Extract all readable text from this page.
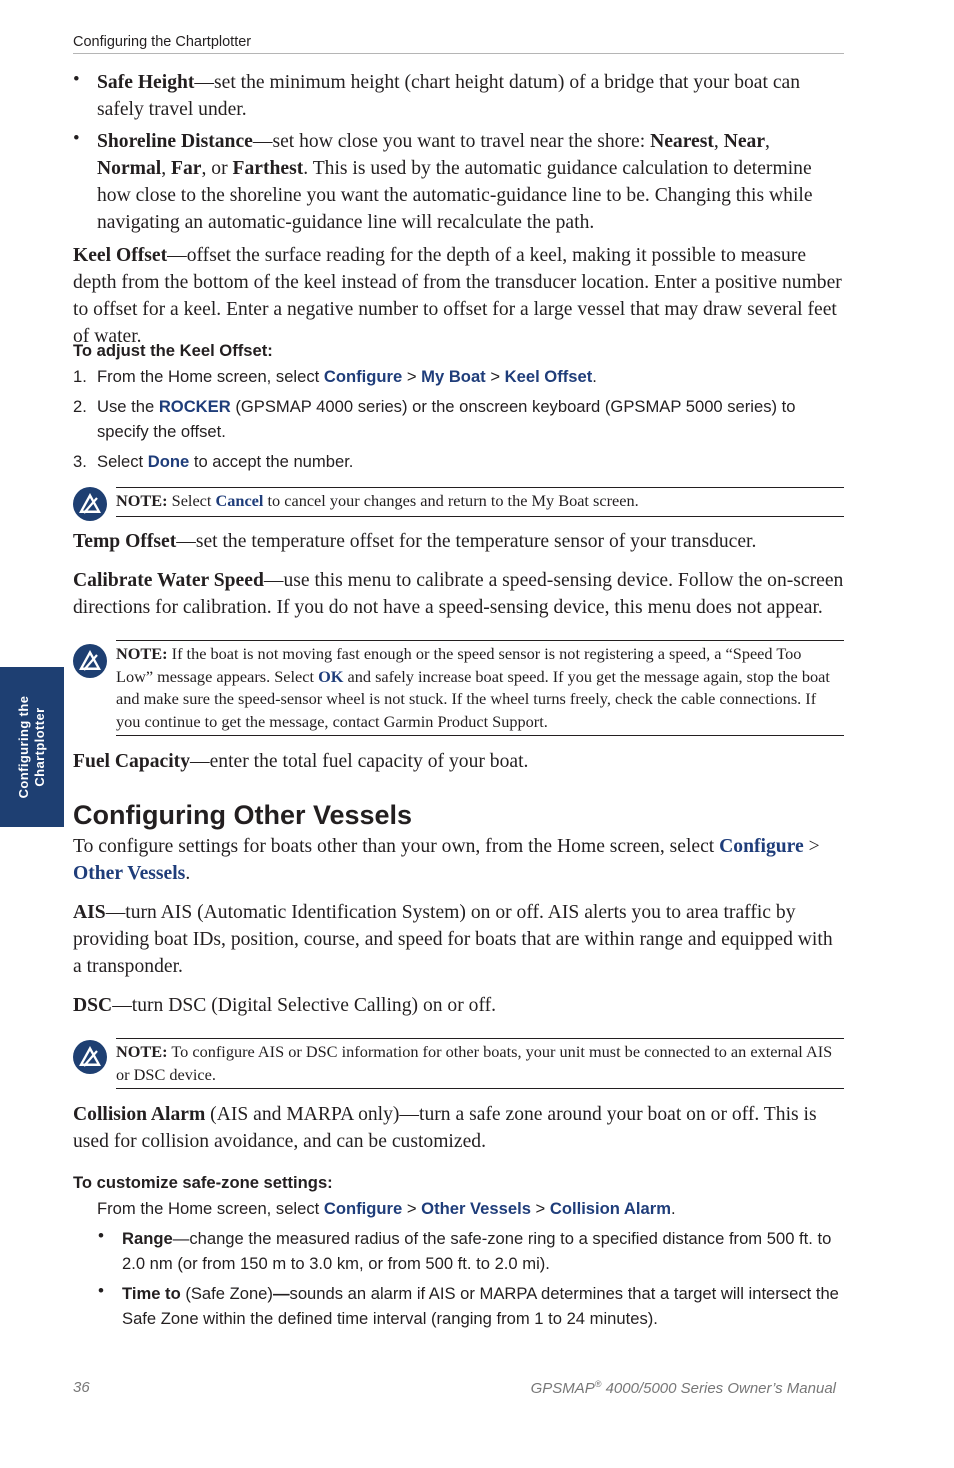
Configuring the Chartplotter
Configuring the
Chartplotter
• Safe Height—set the minimum height (chart height datum) of a bridge that your boat can safely travel under.
• Shoreline Distance—set how close you want to travel near the shore: Nearest, Near, Normal, Far, or Farthest. This is used by the automatic guidance calculation to determine how close to the shoreline you want the automatic-guidance line to be. Changing this while navigating an automatic-guidance line will recalculate the path.
Keel Offset—offset the surface reading for the depth of a keel, making it possible to measure depth from the bottom of the keel instead of from the transducer location. Enter a positive number to offset for a keel. Enter a negative number to offset for a large vessel that may draw several feet of water.
To adjust the Keel Offset:
1. From the Home screen, select Configure > My Boat > Keel Offset.
2. Use the ROCKER (GPSMAP 4000 series) or the onscreen keyboard (GPSMAP 5000 series) to specify the offset.
3. Select Done to accept the number.
NOTE: Select Cancel to cancel your changes and return to the My Boat screen.
Temp Offset—set the temperature offset for the temperature sensor of your transducer.
Calibrate Water Speed—use this menu to calibrate a speed-sensing device. Follow the on-screen directions for calibration. If you do not have a speed-sensing device, this menu does not appear.
NOTE: If the boat is not moving fast enough or the speed sensor is not registering a speed, a “Speed Too Low” message appears. Select OK and safely increase boat speed. If you get the message again, stop the boat and make sure the speed-sensor wheel is not stuck. If the wheel turns freely, check the cable connections. If you continue to get the message, contact Garmin Product Support.
Fuel Capacity—enter the total fuel capacity of your boat.
Configuring Other Vessels
To configure settings for boats other than your own, from the Home screen, select Configure > Other Vessels.
AIS—turn AIS (Automatic Identification System) on or off. AIS alerts you to area traffic by providing boat IDs, position, course, and speed for boats that are within range and equipped with a transponder.
DSC—turn DSC (Digital Selective Calling) on or off.
NOTE: To configure AIS or DSC information for other boats, your unit must be connected to an external AIS or DSC device.
Collision Alarm (AIS and MARPA only)—turn a safe zone around your boat on or off. This is used for collision avoidance, and can be customized.
To customize safe-zone settings:
From the Home screen, select Configure > Other Vessels > Collision Alarm.
• Range—change the measured radius of the safe-zone ring to a specified distance from 500 ft. to 2.0 nm (or from 150 m to 3.0 km, or from 500 ft. to 2.0 mi).
• Time to (Safe Zone)—sounds an alarm if AIS or MARPA determines that a target will intersect the Safe Zone within the defined time interval (ranging from 1 to 24 minutes).
36	GPSMAP® 4000/5000 Series Owner’s Manual
